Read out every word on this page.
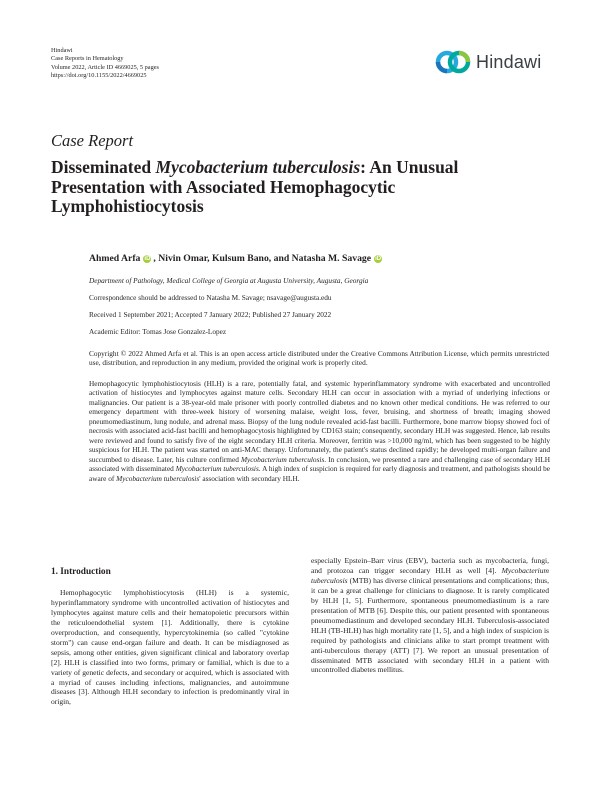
Hindawi
Case Reports in Hematology
Volume 2022, Article ID 4669025, 5 pages
https://doi.org/10.1155/2022/4669025
Hindawi
Case Report
Disseminated Mycobacterium tuberculosis: An Unusual Presentation with Associated Hemophagocytic Lymphohistiocytosis
Ahmed Arfa iD , Nivin Omar, Kulsum Bano, and Natasha M. Savage iD
Department of Pathology, Medical College of Georgia at Augusta University, Augusta, Georgia
Correspondence should be addressed to Natasha M. Savage; nsavage@augusta.edu
Received 1 September 2021; Accepted 7 January 2022; Published 27 January 2022
Academic Editor: Tomas Jose Gonzalez-Lopez
Copyright © 2022 Ahmed Arfa et al. This is an open access article distributed under the Creative Commons Attribution License, which permits unrestricted use, distribution, and reproduction in any medium, provided the original work is properly cited.

Hemophagocytic lymphohistiocytosis (HLH) is a rare, potentially fatal, and systemic hyperinflammatory syndrome with exacerbated and uncontrolled activation of histiocytes and lymphocytes against mature cells. Secondary HLH can occur in association with a myriad of underlying infections or malignancies. Our patient is a 38-year-old male prisoner with poorly controlled diabetes and no known other medical conditions. He was referred to our emergency department with three-week history of worsening malaise, weight loss, fever, bruising, and shortness of breath; imaging showed pneumomediastinum, lung nodule, and adrenal mass. Biopsy of the lung nodule revealed acid-fast bacilli. Furthermore, bone marrow biopsy showed foci of necrosis with associated acid-fast bacilli and hemophagocytosis highlighted by CD163 stain; consequently, secondary HLH was suggested. Hence, lab results were reviewed and found to satisfy five of the eight secondary HLH criteria. Moreover, ferritin was >10,000 ng/ml, which has been suggested to be highly suspicious for HLH. The patient was started on anti-MAC therapy. Unfortunately, the patient's status declined rapidly; he developed multi-organ failure and succumbed to disease. Later, his culture confirmed Mycobacterium tuberculosis. In conclusion, we presented a rare and challenging case of secondary HLH associated with disseminated Mycobacterium tuberculosis. A high index of suspicion is required for early diagnosis and treatment, and pathologists should be aware of Mycobacterium tuberculosis' association with secondary HLH.

1. Introduction

Hemophagocytic lymphohistiocytosis (HLH) is a systemic, hyperinflammatory syndrome with uncontrolled activation of histiocytes and lymphocytes against mature cells and their hematopoietic precursors within the reticuloendothelial system [1]. Additionally, there is cytokine overproduction, and consequently, hypercytokinemia (so called "cytokine storm") can cause end-organ failure and death. It can be misdiagnosed as sepsis, among other entities, given significant clinical and laboratory overlap [2]. HLH is classified into two forms, primary or familial, which is due to a variety of genetic defects, and secondary or acquired, which is associated with a myriad of causes including infections, malignancies, and autoimmune diseases [3]. Although HLH secondary to infection is predominantly viral in origin,

especially Epstein–Barr virus (EBV), bacteria such as mycobacteria, fungi, and protozoa can trigger secondary HLH as well [4]. Mycobacterium tuberculosis (MTB) has diverse clinical presentations and complications; thus, it can be a great challenge for clinicians to diagnose. It is rarely complicated by HLH [1, 5]. Furthermore, spontaneous pneumomediastinum is a rare presentation of MTB [6]. Despite this, our patient presented with spontaneous pneumomediastinum and developed secondary HLH. Tuberculosis-associated HLH (TB-HLH) has high mortality rate [1, 5], and a high index of suspicion is required by pathologists and clinicians alike to start prompt treatment with anti-tuberculous therapy (ATT) [7]. We report an unusual presentation of disseminated MTB associated with secondary HLH in a patient with uncontrolled diabetes mellitus.
